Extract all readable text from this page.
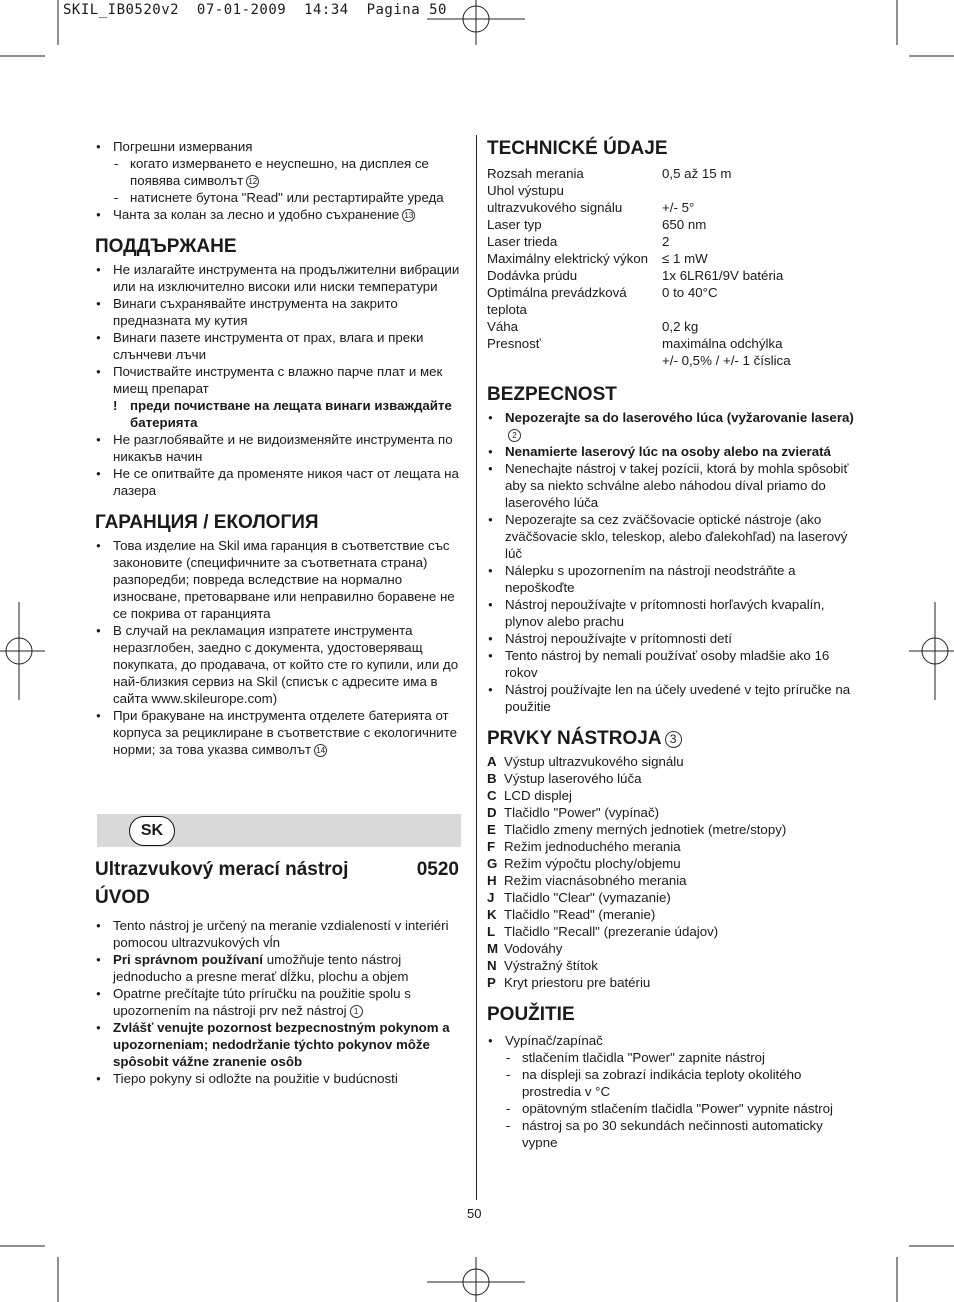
SKIL_IB0520v2  07-01-2009  14:34  Pagina 50

● Погрешни измервания

- когато измерването е неуспешно, на дисплея се появява символът 12

- натиснете бутона "Read" или рестартирайте уреда

● Чанта за колан за лесно и удобно съхранение 13

ПОДДЪРЖАНЕ

● Не излагайте инструмента на продължителни вибрации или на изключително високи или ниски температури

● Винаги съхранявайте инструмента на закрито предназната му кутия

● Винаги пазете инструмента от прах, влага и преки слънчеви лъчи

● Почиствайте инструмента с влажно парче плат и мек миещ препарат

! преди почистване на лещата винаги изваждайте батерията

● Не разглобявайте и не видоизменяйте инструмента по никакъв начин

● Не се опитвайте да променяте никоя част от лещата на лазера

ГАРАНЦИЯ / ЕКОЛОГИЯ

● Това изделие на Skil има гаранция в съответствие със законовите (специфичните за съответната страна) разпоредби; повреда вследствие на нормално износване, претоварване или неправилно боравене не се покрива от гаранцията

● В случай на рекламация изпратете инструмента неразглобен, заедно с документа, удостоверяващ покупката, до продавача, от който сте го купили, или до най-близкия сервиз на Skil (списък с адресите има в сайта www.skileurope.com)

● При бракуване на инструмента отделете батерията от корпуса за рециклиране в съответствие с екологичните норми; за това указва символът 14

SK
Ultrazvukový merací nástroj	0520

ÚVOD

● Tento nástroj je určený na meranie vzdialeností v interiéri pomocou ultrazvukových vĺn

● Pri správnom používaní umožňuje tento nástroj jednoducho a presne merať dĺžku, plochu a objem

● Opatrne prečítajte túto príručku na použitie spolu s upozornením na nástroji prv než nástroj 1

● Zvlášť venujte pozornost bezpecnostným pokynom a upozorneniam; nedodržanie týchto pokynov môže spôsobit vážne zranenie osôb

● Tiepo pokyny si odložte na použitie v budúcnosti

TECHNICKÉ ÚDAJE

Rozsah merania	0,5 až 15 m
Uhol výstupu
ultrazvukového signálu	+/- 5°
Laser typ	650 nm
Laser trieda	2
Maximálny elektrický výkon	≤ 1 mW
Dodávka prúdu	1x 6LR61/9V batéria
Optimálna prevádzková	0 to 40°C
teplota
Váha	0,2 kg
Presnosť	maximálna odchýlka
+/- 0,5% / +/- 1 číslica

BEZPECNOST

● Nepozerajte sa do laserového lúca (vyžarovanie lasera)2

● Nenamierte laserový lúc na osoby alebo na zvieratá

● Nenechajte nástroj v takej pozícii, ktorá by mohla spôsobiť aby sa niekto schválne alebo náhodou díval priamo do laserového lúča

● Nepozerajte sa cez zväčšovacie optické nástroje (ako zväčšovacie sklo, teleskop, alebo ďalekohľad) na laserový lúč

● Nálepku s upozornením na nástroji neodstráňte a nepoškoďte

● Nástroj nepoužívajte v prítomnosti horľavých kvapalín, plynov alebo prachu

● Nástroj nepoužívajte v prítomnosti detí

● Tento nástroj by nemali používať osoby mladšie ako 16 rokov

● Nástroj používajte len na účely uvedené v tejto príručke na použitie

PRVKY NÁSTROJA 3

A Výstup ultrazvukového signálu
B Výstup laserového lúča
C LCD displej
D Tlačidlo "Power" (vypínač)
E Tlačidlo zmeny merných jednotiek (metre/stopy)
F Režim jednoduchého merania
G Režim výpočtu plochy/objemu
H Režim viacnásobného merania
J Tlačidlo "Clear" (vymazanie)
K Tlačidlo "Read" (meranie)
L Tlačidlo "Recall" (prezeranie údajov)
M Vodováhy
N Výstražný štítok
P Kryt priestoru pre batériu

POUŽITIE

● Vypínač/zapínač

- stlačením tlačidla "Power" zapnite nástroj

- na displeji sa zobrazí indikácia teploty okolitého prostredia v °C

- opätovným stlačením tlačidla "Power" vypnite nástroj

- nástroj sa po 30 sekundách nečinnosti automaticky vypne

50
